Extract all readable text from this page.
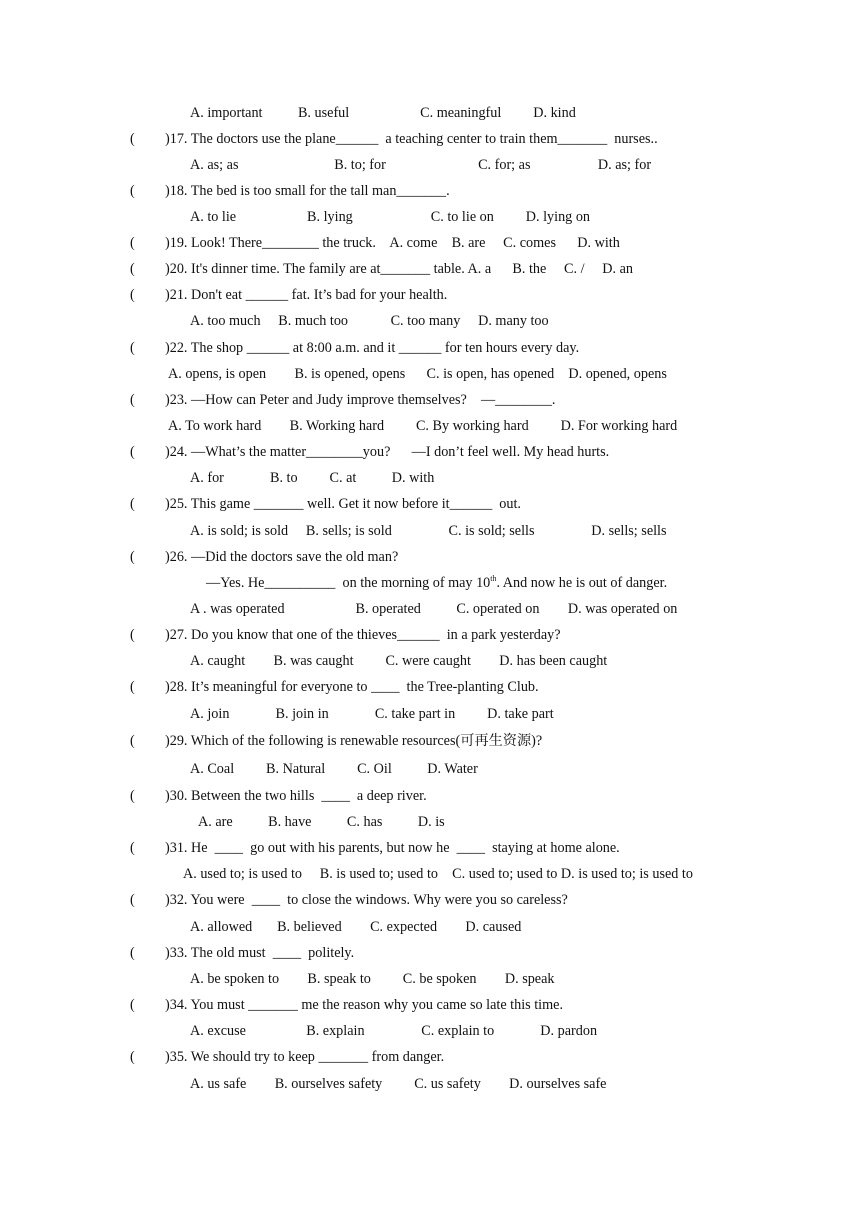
A. important          B. useful                    C. meaningful         D. kind
( )17. The doctors use the plane______  a teaching center to train them_______  nurses..
A. as; as                           B. to; for                          C. for; as                   D. as; for
( )18. The bed is too small for the tall man_______.
A. to lie                    B. lying                      C. to lie on         D. lying on
( )19. Look! There________ the truck.    A. come    B. are     C. comes      D. with
( )20. It's dinner time. The family are at_______ table. A. a      B. the     C. /     D. an
( )21. Don't eat ______ fat. It’s bad for your health.
A. too much     B. much too            C. too many     D. many too
( )22. The shop ______ at 8:00 a.m. and it ______ for ten hours every day.
A. opens, is open        B. is opened, opens      C. is open, has opened    D. opened, opens
( )23. —How can Peter and Judy improve themselves?    —________.
A. To work hard        B. Working hard         C. By working hard         D. For working hard
( )24. —What’s the matter________you?      —I don’t feel well. My head hurts.
A. for             B. to         C. at          D. with
( )25. This game _______ well. Get it now before it______  out.
A. is sold; is sold     B. sells; is sold                C. is sold; sells                D. sells; sells
( )26. —Did the doctors save the old man?
—Yes. He__________  on the morning of may 10th. And now he is out of danger.
A . was operated                    B. operated          C. operated on        D. was operated on
( )27. Do you know that one of the thieves______  in a park yesterday?
A. caught        B. was caught         C. were caught        D. has been caught
( )28. It’s meaningful for everyone to ____  the Tree-planting Club.
A. join             B. join in             C. take part in         D. take part
( )29. Which of the following is renewable resources(可再生资源)?
A. Coal         B. Natural         C. Oil          D. Water
( )30. Between the two hills  ____  a deep river.
A. are          B. have          C. has          D. is
( )31. He  ____  go out with his parents, but now he  ____  staying at home alone.
A. used to; is used to     B. is used to; used to    C. used to; used to D. is used to; is used to
( )32. You were  ____  to close the windows. Why were you so careless?
A. allowed       B. believed        C. expected        D. caused
( )33. The old must  ____  politely.
A. be spoken to        B. speak to         C. be spoken        D. speak
( )34. You must _______ me the reason why you came so late this time.
A. excuse                 B. explain                C. explain to             D. pardon
( )35. We should try to keep _______ from danger.
A. us safe        B. ourselves safety         C. us safety        D. ourselves safe
